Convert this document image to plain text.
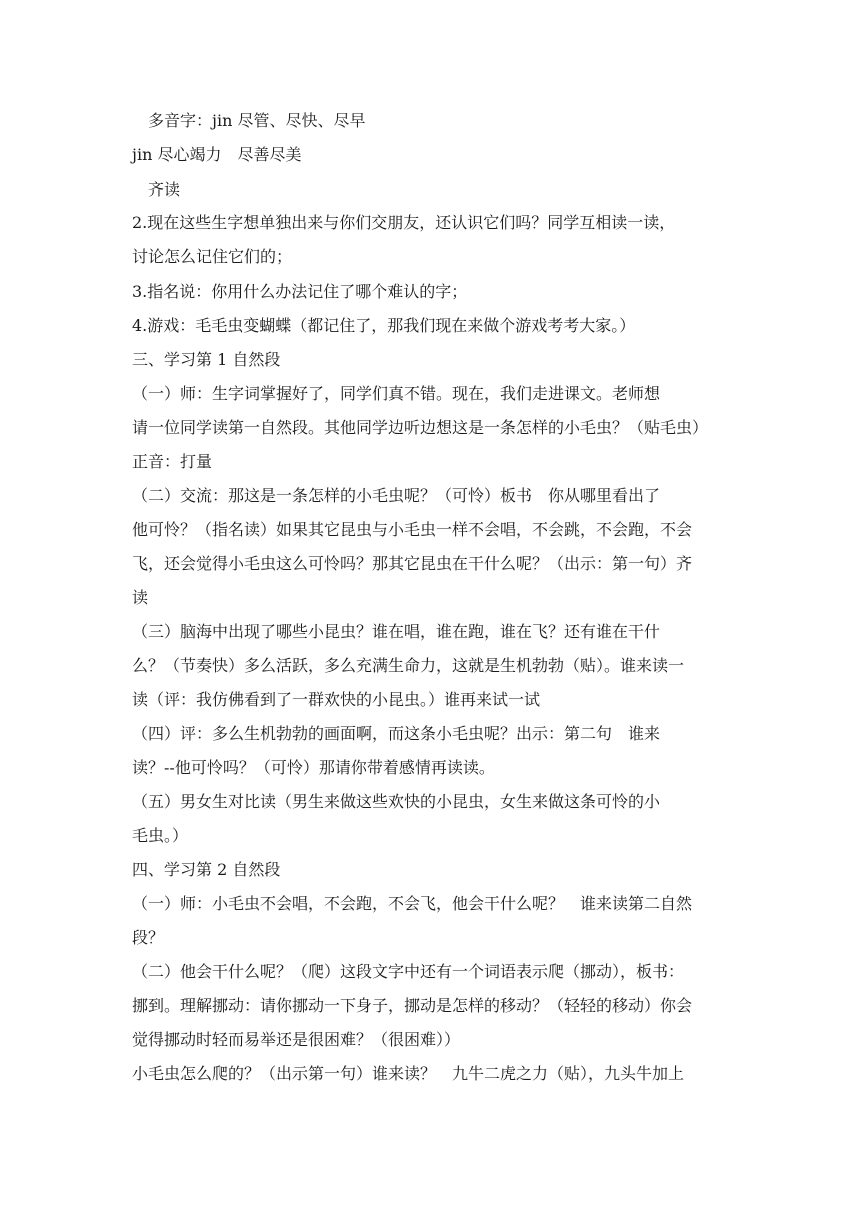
多音字：jin 尽管、尽快、尽早
jin 尽心竭力　尽善尽美
齐读
2.现在这些生字想单独出来与你们交朋友，还认识它们吗？同学互相读一读，
讨论怎么记住它们的；
3.指名说：你用什么办法记住了哪个难认的字；
4.游戏：毛毛虫变蝴蝶（都记住了，那我们现在来做个游戏考考大家。）
三、学习第 1 自然段
（一）师：生字词掌握好了，同学们真不错。现在，我们走进课文。老师想
请一位同学读第一自然段。其他同学边听边想这是一条怎样的小毛虫？（贴毛虫）
正音：打量
（二）交流：那这是一条怎样的小毛虫呢？（可怜）板书　你从哪里看出了
他可怜？（指名读）如果其它昆虫与小毛虫一样不会唱，不会跳，不会跑，不会
飞，还会觉得小毛虫这么可怜吗？那其它昆虫在干什么呢？（出示：第一句）齐
读
（三）脑海中出现了哪些小昆虫？谁在唱，谁在跑，谁在飞？还有谁在干什
么？（节奏快）多么活跃，多么充满生命力，这就是生机勃勃（贴）。谁来读一
读（评：我仿佛看到了一群欢快的小昆虫。）谁再来试一试
（四）评：多么生机勃勃的画面啊，而这条小毛虫呢？出示：第二句　谁来
读？--他可怜吗？（可怜）那请你带着感情再读读。
（五）男女生对比读（男生来做这些欢快的小昆虫，女生来做这条可怜的小
毛虫。）
四、学习第 2 自然段
（一）师：小毛虫不会唱，不会跑，不会飞，他会干什么呢？　谁来读第二自然
段？
（二）他会干什么呢？（爬）这段文字中还有一个词语表示爬（挪动），板书：
挪到。理解挪动：请你挪动一下身子，挪动是怎样的移动？（轻轻的移动）你会
觉得挪动时轻而易举还是很困难？（很困难））
小毛虫怎么爬的？（出示第一句）谁来读？　九牛二虎之力（贴），九头牛加上
